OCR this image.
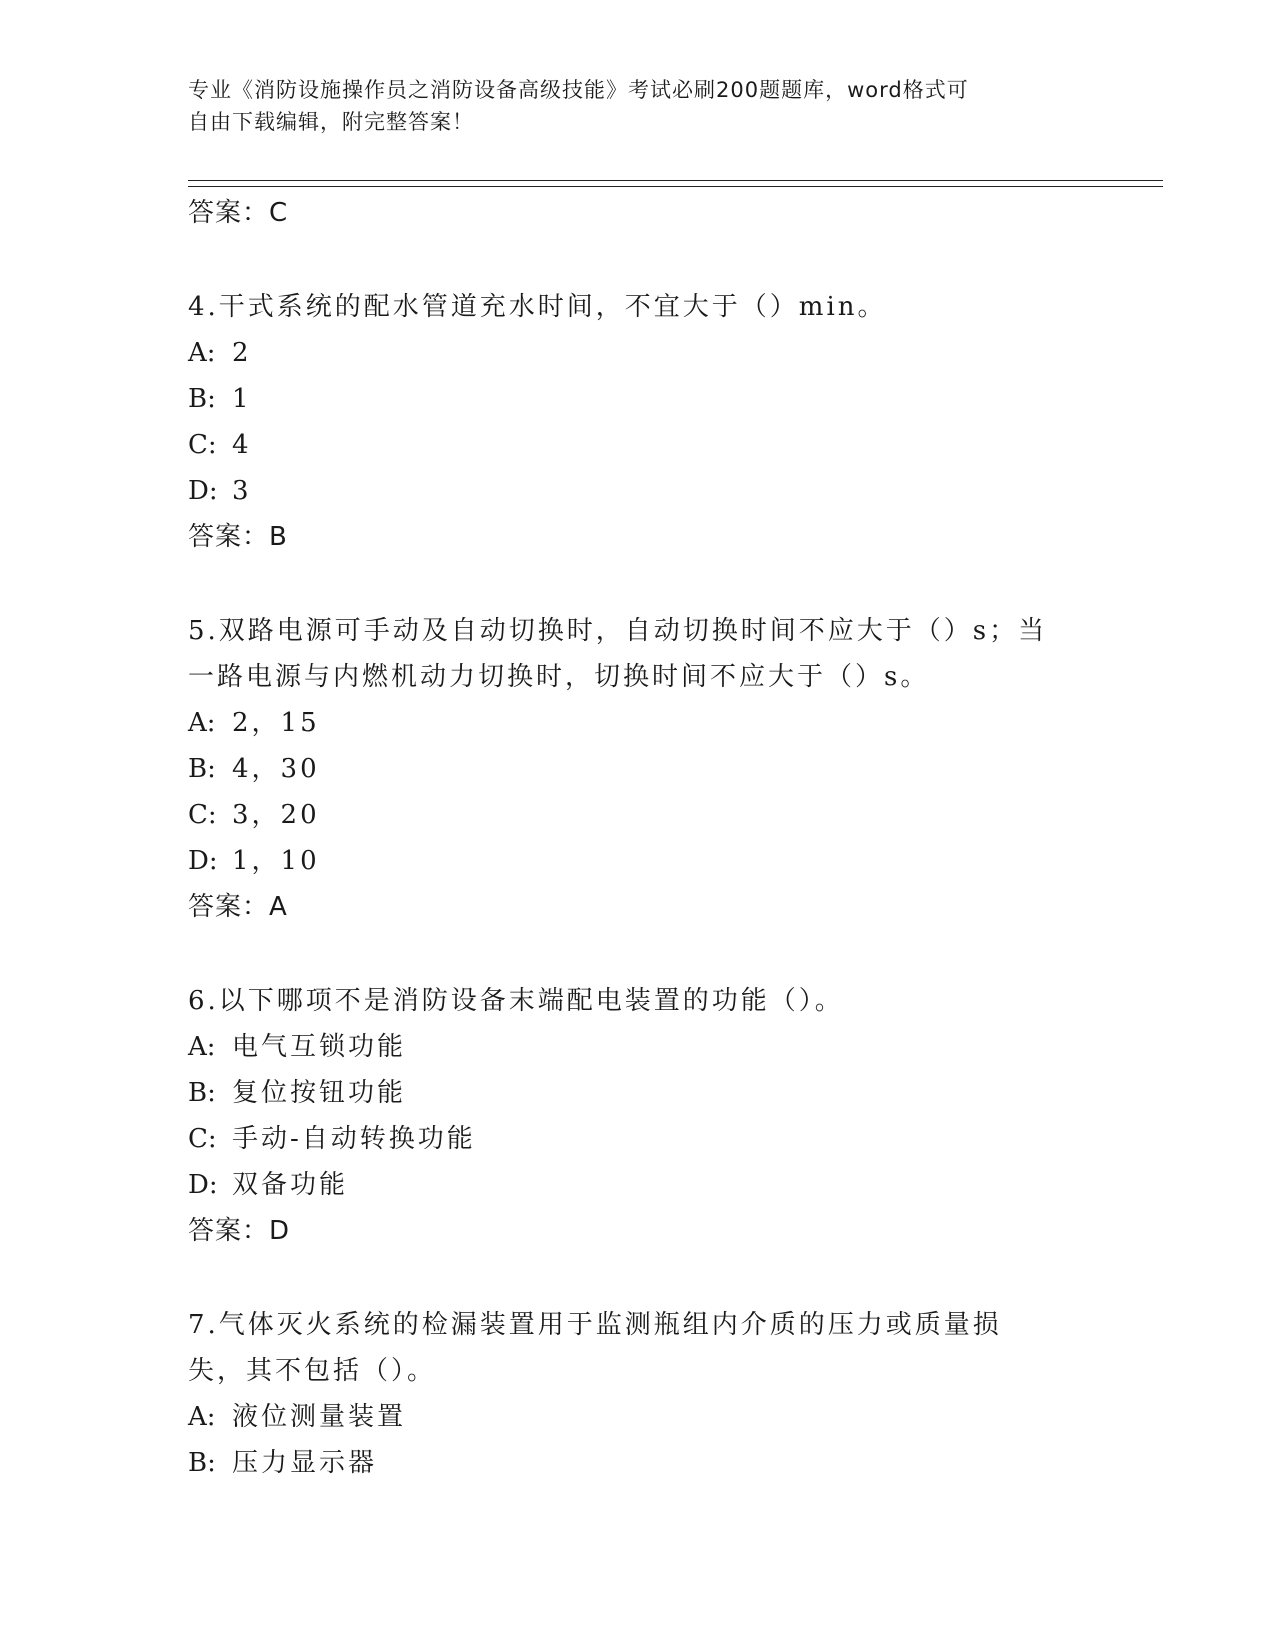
专业《消防设施操作员之消防设备高级技能》考试必刷200题题库，word格式可
自由下载编辑，附完整答案！
答案：C
4.干式系统的配水管道充水时间，不宜大于（）min。
A: 2
B: 1
C: 4
D: 3
答案：B
5.双路电源可手动及自动切换时，自动切换时间不应大于（）s；当一路电源与内燃机动力切换时，切换时间不应大于（）s。
A: 2，15
B: 4，30
C: 3，20
D: 1，10
答案：A
6.以下哪项不是消防设备末端配电装置的功能（）。
A: 电气互锁功能
B: 复位按钮功能
C: 手动-自动转换功能
D: 双备功能
答案：D
7.气体灭火系统的检漏装置用于监测瓶组内介质的压力或质量损失，其不包括（）。
A: 液位测量装置
B: 压力显示器
